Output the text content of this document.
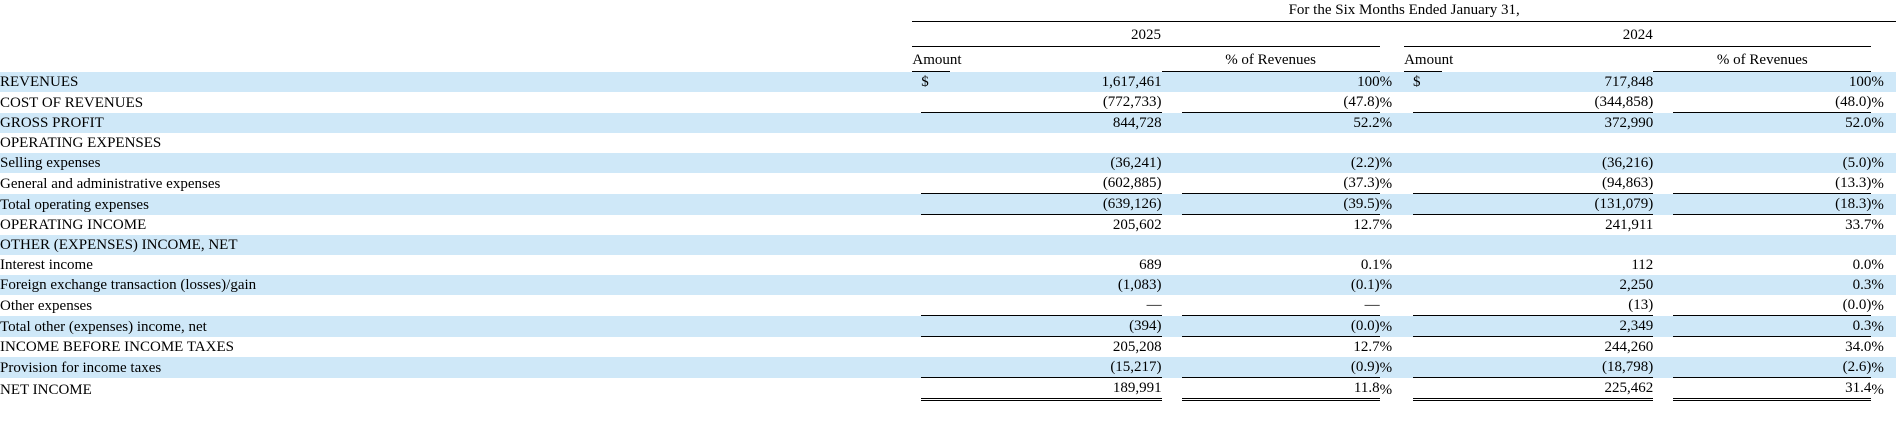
	For the Six Months Ended January 31,											

	2025						2024					

	Amount			% of Revenues			Amount			% of Revenues		

REVENUES		$	1,617,461		100	%		$	717,848		100	%
COST OF REVENUES			(772,733)		(47.8)	%			(344,858)		(48.0)	%
GROSS PROFIT			844,728		52.2	%			372,990		52.0	%
OPERATING EXPENSES												
Selling expenses			(36,241)		(2.2)	%			(36,216)		(5.0)	%
General and administrative expenses			(602,885)		(37.3)	%			(94,863)		(13.3)	%
Total operating expenses			(639,126)		(39.5)	%			(131,079)		(18.3)	%
OPERATING INCOME			205,602		12.7	%			241,911		33.7	%
OTHER (EXPENSES) INCOME, NET												
Interest income			689		0.1	%			112		0.0	%
Foreign exchange transaction (losses)/gain			(1,083)		(0.1)	%			2,250		0.3	%
Other expenses			—		—				(13)		(0.0)	%
Total other (expenses) income, net			(394)		(0.0)	%			2,349		0.3	%
INCOME BEFORE INCOME TAXES			205,208		12.7	%			244,260		34.0	%
Provision for income taxes			(15,217)		(0.9)	%			(18,798)		(2.6)	%
NET INCOME			189,991		11.8	%			225,462		31.4	%
